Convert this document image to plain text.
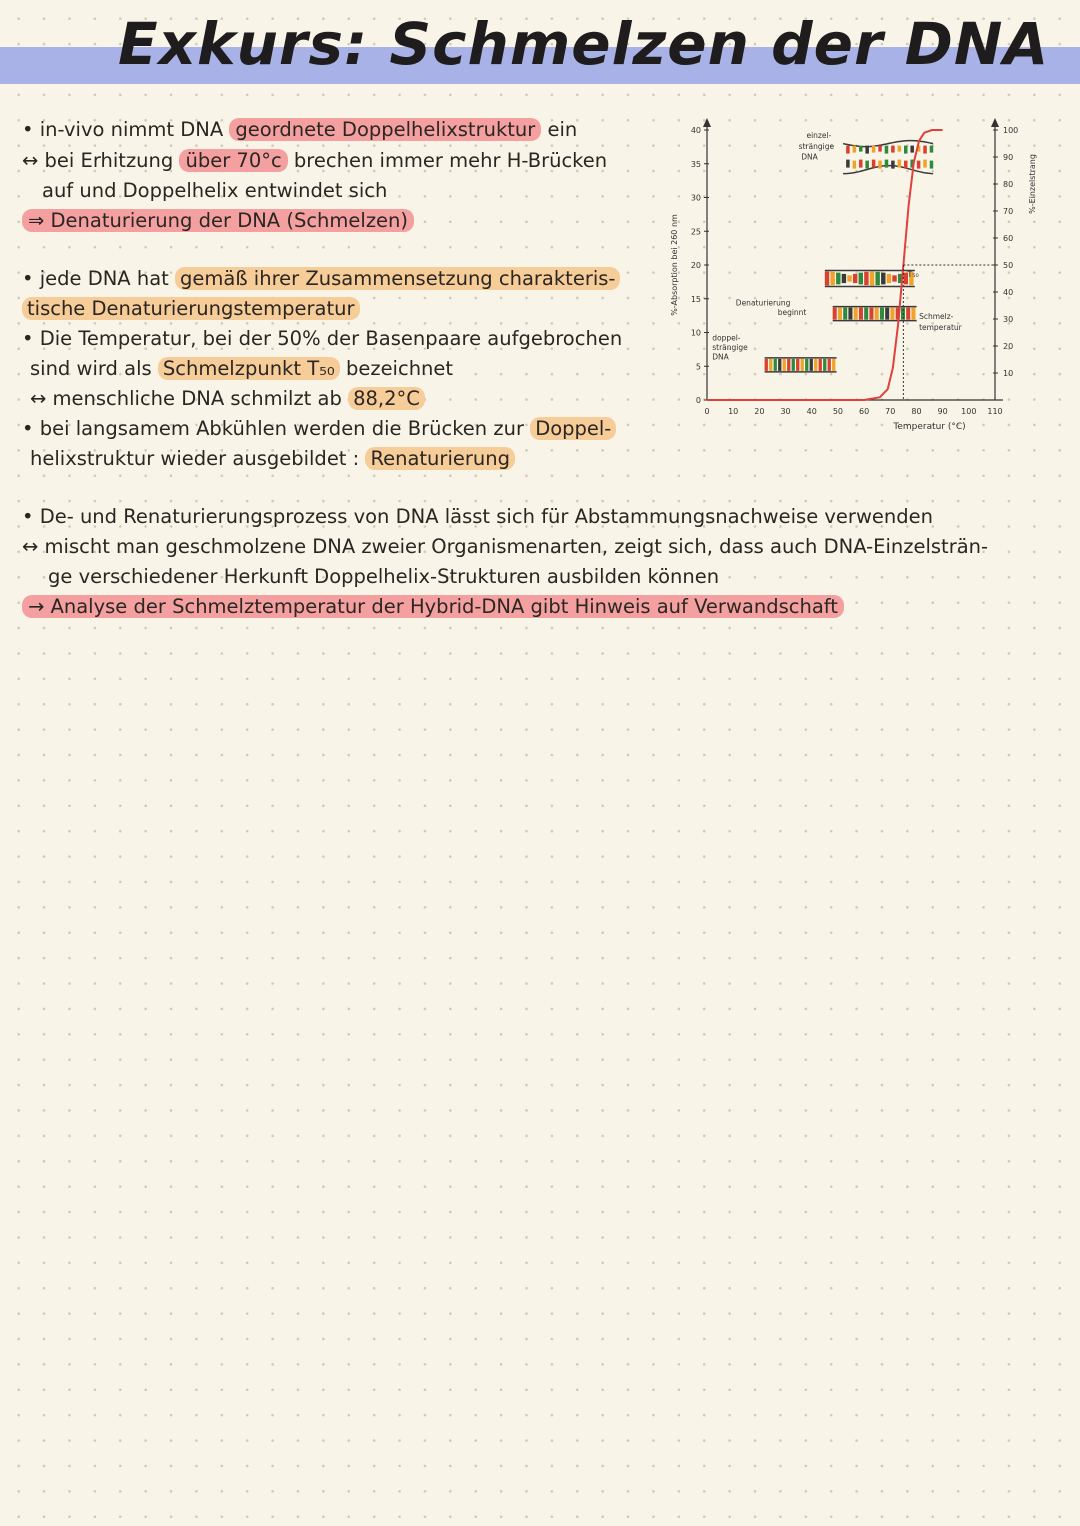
Exkurs: Schmelzen der DNA

• in-vivo nimmt DNA geordnete Doppelhelixstruktur ein

↔ bei Erhitzung über 70°c brechen immer mehr H-Brücken

auf und Doppelhelix entwindet sich

⇒ Denaturierung der DNA (Schmelzen)

• jede DNA hat gemäß ihrer Zusammensetzung charakteris-

tische Denaturierungstemperatur

• Die Temperatur, bei der 50% der Basenpaare aufgebrochen

sind wird als Schmelzpunkt T₅₀ bezeichnet

↔ menschliche DNA schmilzt ab 88,2°C

• bei langsamem Abkühlen werden die Brücken zur Doppel-

helixstruktur wieder ausgebildet : Renaturierung

• De- und Renaturierungsprozess von DNA lässt sich für Abstammungsnachweise verwenden

↔ mischt man geschmolzene DNA zweier Organismenarten, zeigt sich, dass auch DNA-Einzelsträn-

ge verschiedener Herkunft Doppelhelix-Strukturen ausbilden können

→ Analyse der Schmelztemperatur der Hybrid-DNA gibt Hinweis auf Verwandschaft

0
5
10
15
20
25
30
35
40
10
20
30
40
50
60
70
80
90
100
0 10 20 30 40 50 60 70 80 90 100 110
Temperatur (°C)
%-Absorption bei 260 nm
%-Einzelstrang
einzel-
strängige
DNA
Denaturierung
beginnt
doppel-
strängige
DNA
Schmelz-
temperatur
T₅₀
